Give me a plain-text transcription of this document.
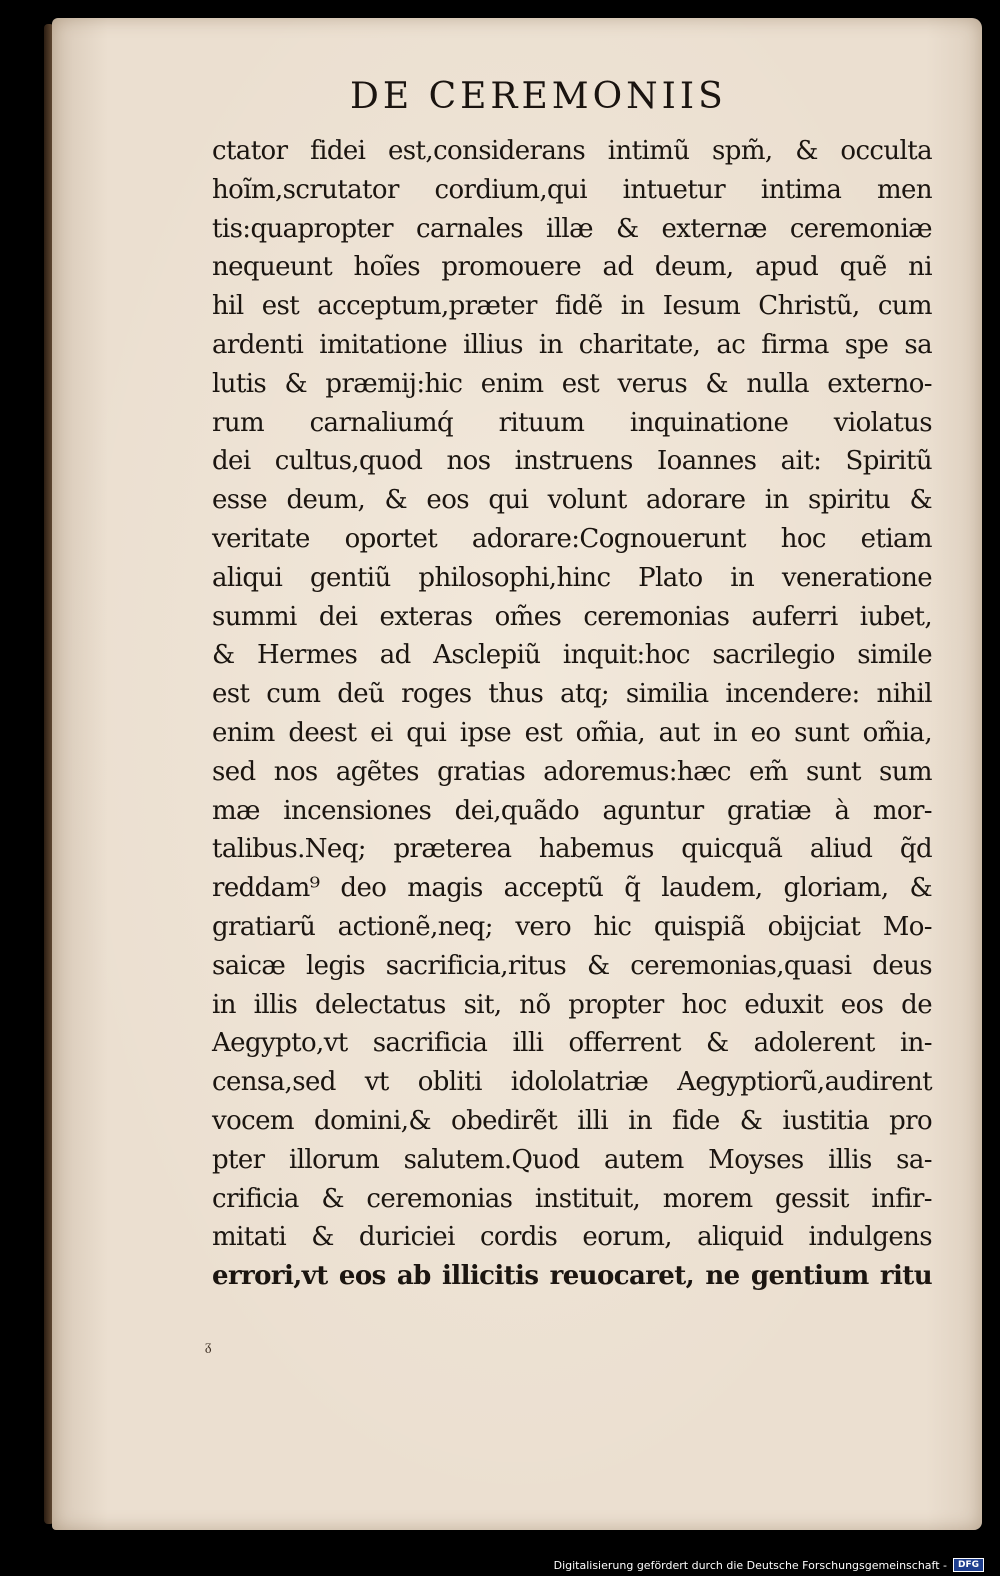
DE CEREMONIIS
ctator fidei est,considerans intimũ spm̃, & occulta
hoĩm,scrutator cordium,qui intuetur intima men
tis:quapropter carnales illæ & externæ ceremoniæ
nequeunt hoĩes promouere ad deum, apud quẽ ni
hil est acceptum,præter fidẽ in Iesum Christũ, cum
ardenti imitatione illius in charitate, ac firma spe sa
lutis & præmij:hic enim est verus & nulla externo-
rum carnaliumq́ rituum inquinatione violatus
dei cultus,quod nos instruens Ioannes ait: Spiritũ
esse deum, & eos qui volunt adorare in spiritu &
veritate oportet adorare:Cognouerunt hoc etiam
aliqui gentiũ philosophi,hinc Plato in veneratione
summi dei exteras om̃es ceremonias auferri iubet,
& Hermes ad Asclepiũ inquit:hoc sacrilegio simile
est cum deũ roges thus atq; similia incendere: nihil
enim deest ei qui ipse est om̃ia, aut in eo sunt om̃ia,
sed nos agẽtes gratias adoremus:hæc em̃ sunt sum
mæ incensiones dei,quãdo aguntur gratiæ à mor-
talibus.Neq; præterea habemus quicquã aliud q̃d
reddam⁹ deo magis acceptũ q̃ laudem, gloriam, &
gratiarũ actionẽ,neq; vero hic quispiã obijciat Mo-
saicæ legis sacrificia,ritus & ceremonias,quasi deus
in illis delectatus sit, nõ propter hoc eduxit eos de
Aegypto,vt sacrificia illi offerrent & adolerent in-
censa,sed vt obliti idololatriæ Aegyptiorũ,audirent
vocem domini,& obedirẽt illi in fide & iustitia pro
pter illorum salutem.Quod autem Moyses illis sa-
crificia & ceremonias instituit, morem gessit infir-
mitati & duriciei cordis eorum, aliquid indulgens
errori,vt eos ab illicitis reuocaret, ne gentium ritu
ᵹ
Digitalisierung gefördert durch die Deutsche Forschungsgemeinschaft -	DFG
